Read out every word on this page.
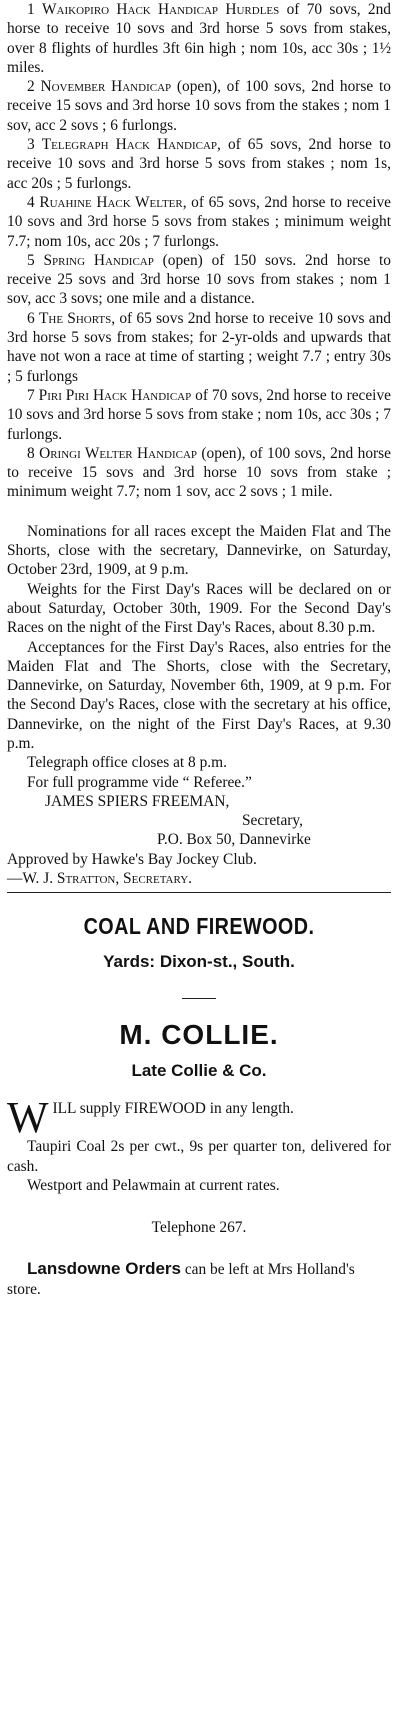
1 Waikopiro Hack Handicap Hurdles of 70 sovs, 2nd horse to receive 10 sovs and 3rd horse 5 sovs from stakes, over 8 flights of hurdles 3ft 6in high ; nom 10s, acc 30s ; 1½ miles.

2 November Handicap (open), of 100 sovs, 2nd horse to receive 15 sovs and 3rd horse 10 sovs from the stakes ; nom 1 sov, acc 2 sovs ; 6 furlongs.

3 Telegraph Hack Handicap, of 65 sovs, 2nd horse to receive 10 sovs and 3rd horse 5 sovs from stakes ; nom 1s, acc 20s ; 5 furlongs.

4 Ruahine Hack Welter, of 65 sovs, 2nd horse to receive 10 sovs and 3rd horse 5 sovs from stakes ; minimum weight 7.7; nom 10s, acc 20s ; 7 furlongs.

5 Spring Handicap (open) of 150 sovs. 2nd horse to receive 25 sovs and 3rd horse 10 sovs from stakes ; nom 1 sov, acc 3 sovs; one mile and a distance.

6 The Shorts, of 65 sovs 2nd horse to receive 10 sovs and 3rd horse 5 sovs from stakes; for 2-yr-olds and upwards that have not won a race at time of starting ; weight 7.7 ; entry 30s ; 5 furlongs

7 Piri Piri Hack Handicap of 70 sovs, 2nd horse to receive 10 sovs and 3rd horse 5 sovs from stake ; nom 10s, acc 30s ; 7 furlongs.

8 Oringi Welter Handicap (open), of 100 sovs, 2nd horse to receive 15 sovs and 3rd horse 10 sovs from stake ; minimum weight 7.7; nom 1 sov, acc 2 sovs ; 1 mile.

Nominations for all races except the Maiden Flat and The Shorts, close with the secretary, Dannevirke, on Saturday, October 23rd, 1909, at 9 p.m.

Weights for the First Day's Races will be declared on or about Saturday, October 30th, 1909. For the Second Day's Races on the night of the First Day's Races, about 8.30 p.m.

Acceptances for the First Day's Races, also entries for the Maiden Flat and The Shorts, close with the Secretary, Dannevirke, on Saturday, November 6th, 1909, at 9 p.m. For the Second Day's Races, close with the secretary at his office, Dannevirke, on the night of the First Day's Races, at 9.30 p.m.

Telegraph office closes at 8 p.m.

For full programme vide “ Referee.”

JAMES SPIERS FREEMAN,
Secretary,
P.O. Box 50, Dannevirke
Approved by Hawke's Bay Jockey Club.
—W. J. Stratton, Secretary.
COAL AND FIREWOOD.
Yards: Dixon-st., South.
M. COLLIE.
Late Collie & Co.

WILL supply FIREWOOD in any length.

Taupiri Coal 2s per cwt., 9s per quarter ton, delivered for cash.

Westport and Pelawmain at current rates.

Telephone 267.
Lansdowne Orders can be left at Mrs Holland's store.
